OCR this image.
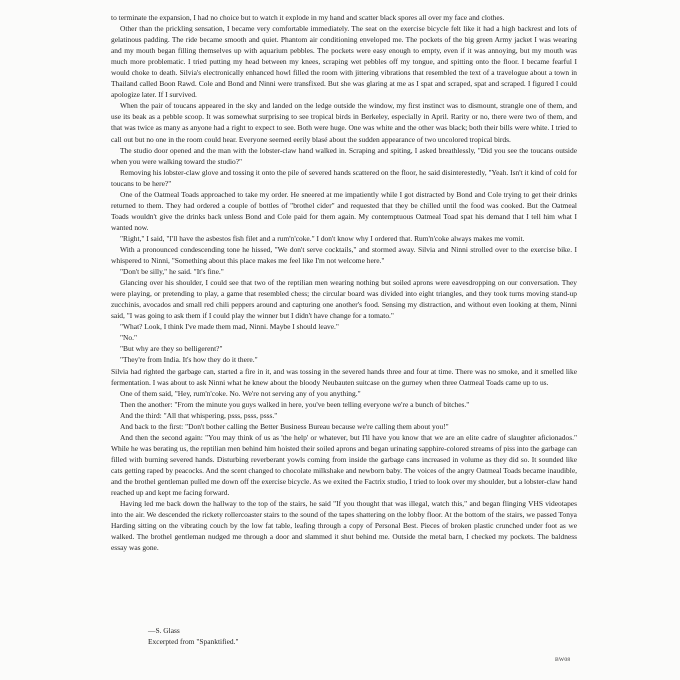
to terminate the expansion, I had no choice but to watch it explode in my hand and scatter black spores all over my face and clothes.

Other than the prickling sensation, I became very comfortable immediately. The seat on the exercise bicycle felt like it had a high backrest and lots of gelatinous padding. The ride became smooth and quiet. Phantom air conditioning enveloped me. The pockets of the big green Army jacket I was wearing and my mouth began filling themselves up with aquarium pebbles. The pockets were easy enough to empty, even if it was annoying, but my mouth was much more problematic. I tried putting my head between my knees, scraping wet pebbles off my tongue, and spitting onto the floor. I became fearful I would choke to death. Silvia's electronically enhanced howl filled the room with jittering vibrations that resembled the text of a travelogue about a town in Thailand called Boon Rawd. Cole and Bond and Ninni were transfixed. But she was glaring at me as I spat and scraped, spat and scraped. I figured I could apologize later. If I survived.

When the pair of toucans appeared in the sky and landed on the ledge outside the window, my first instinct was to dismount, strangle one of them, and use its beak as a pebble scoop. It was somewhat surprising to see tropical birds in Berkeley, especially in April. Rarity or no, there were two of them, and that was twice as many as anyone had a right to expect to see. Both were huge. One was white and the other was black; both their bills were white. I tried to call out but no one in the room could hear. Everyone seemed eerily blasé about the sudden appearance of two uncolored tropical birds.

The studio door opened and the man with the lobster-claw hand walked in. Scraping and spiting, I asked breathlessly, "Did you see the toucans outside when you were walking toward the studio?"

Removing his lobster-claw glove and tossing it onto the pile of severed hands scattered on the floor, he said disinterestedly, "Yeah. Isn't it kind of cold for toucans to be here?"

One of the Oatmeal Toads approached to take my order. He sneered at me impatiently while I got distracted by Bond and Cole trying to get their drinks returned to them. They had ordered a couple of bottles of "brothel cider" and requested that they be chilled until the food was cooked. But the Oatmeal Toads wouldn't give the drinks back unless Bond and Cole paid for them again. My contemptuous Oatmeal Toad spat his demand that I tell him what I wanted now.

"Right," I said, "I'll have the asbestos fish filet and a rum'n'coke." I don't know why I ordered that. Rum'n'coke always makes me vomit.

With a pronounced condescending tone he hissed, "We don't serve cocktails," and stormed away. Silvia and Ninni strolled over to the exercise bike. I whispered to Ninni, "Something about this place makes me feel like I'm not welcome here."

"Don't be silly," he said. "It's fine."

Glancing over his shoulder, I could see that two of the reptilian men wearing nothing but soiled aprons were eavesdropping on our conversation. They were playing, or pretending to play, a game that resembled chess; the circular board was divided into eight triangles, and they took turns moving stand-up zucchinis, avocados and small red chili peppers around and capturing one another's food. Sensing my distraction, and without even looking at them, Ninni said, "I was going to ask them if I could play the winner but I didn't have change for a tomato."

"What? Look, I think I've made them mad, Ninni. Maybe I should leave."

"No."

"But why are they so belligerent?"

"They're from India. It's how they do it there."

Silvia had righted the garbage can, started a fire in it, and was tossing in the severed hands three and four at time. There was no smoke, and it smelled like fermentation. I was about to ask Ninni what he knew about the bloody Neubauten suitcase on the gurney when three Oatmeal Toads came up to us.

One of them said, "Hey, rum'n'coke. No. We're not serving any of you anything."

Then the another: "From the minute you guys walked in here, you've been telling everyone we're a bunch of bitches."

And the third: "All that whispering, psss, psss, psss."

And back to the first: "Don't bother calling the Better Business Bureau because we're calling them about you!"

And then the second again: "You may think of us as 'the help' or whatever, but I'll have you know that we are an elite cadre of slaughter aficionados." While he was berating us, the reptilian men behind him hoisted their soiled aprons and began urinating sapphire-colored streams of piss into the garbage can filled with burning severed hands. Disturbing reverberant yowls coming from inside the garbage cans increased in volume as they did so. It sounded like cats getting raped by peacocks. And the scent changed to chocolate milkshake and newborn baby. The voices of the angry Oatmeal Toads became inaudible, and the brothel gentleman pulled me down off the exercise bicycle. As we exited the Factrix studio, I tried to look over my shoulder, but a lobster-claw hand reached up and kept me facing forward.

Having led me back down the hallway to the top of the stairs, he said "If you thought that was illegal, watch this," and began flinging VHS videotapes into the air. We descended the rickety rollercoaster stairs to the sound of the tapes shattering on the lobby floor. At the bottom of the stairs, we passed Tonya Harding sitting on the vibrating couch by the low fat table, leafing through a copy of Personal Best. Pieces of broken plastic crunched under foot as we walked. The brothel gentleman nudged me through a door and slammed it shut behind me. Outside the metal barn, I checked my pockets. The baldness essay was gone.

—S. Glass
Excerpted from "Spanktified."
BW08
